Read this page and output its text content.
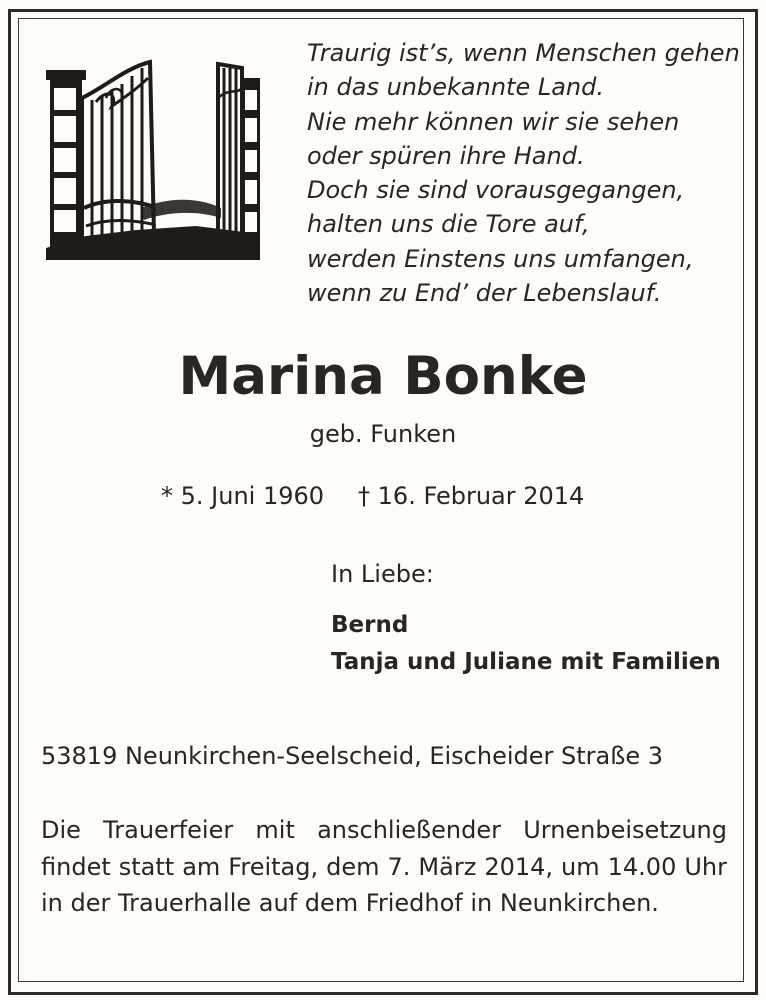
Traurig ist’s, wenn Menschen gehen
in das unbekannte Land.
Nie mehr können wir sie sehen
oder spüren ihre Hand.
Doch sie sind vorausgegangen,
halten uns die Tore auf,
werden Einstens uns umfangen,
wenn zu End’ der Lebenslauf.
Marina Bonke
geb. Funken
* 5. Juni 1960 † 16. Februar 2014
In Liebe:
Bernd
Tanja und Juliane mit Familien
53819 Neunkirchen-Seelscheid, Eischeider Straße 3
Die Trauerfeier mit anschließender Urnenbeisetzung findet statt am Freitag, dem 7. März 2014, um 14.00 Uhr in der Trauerhalle auf dem Friedhof in Neunkirchen.
